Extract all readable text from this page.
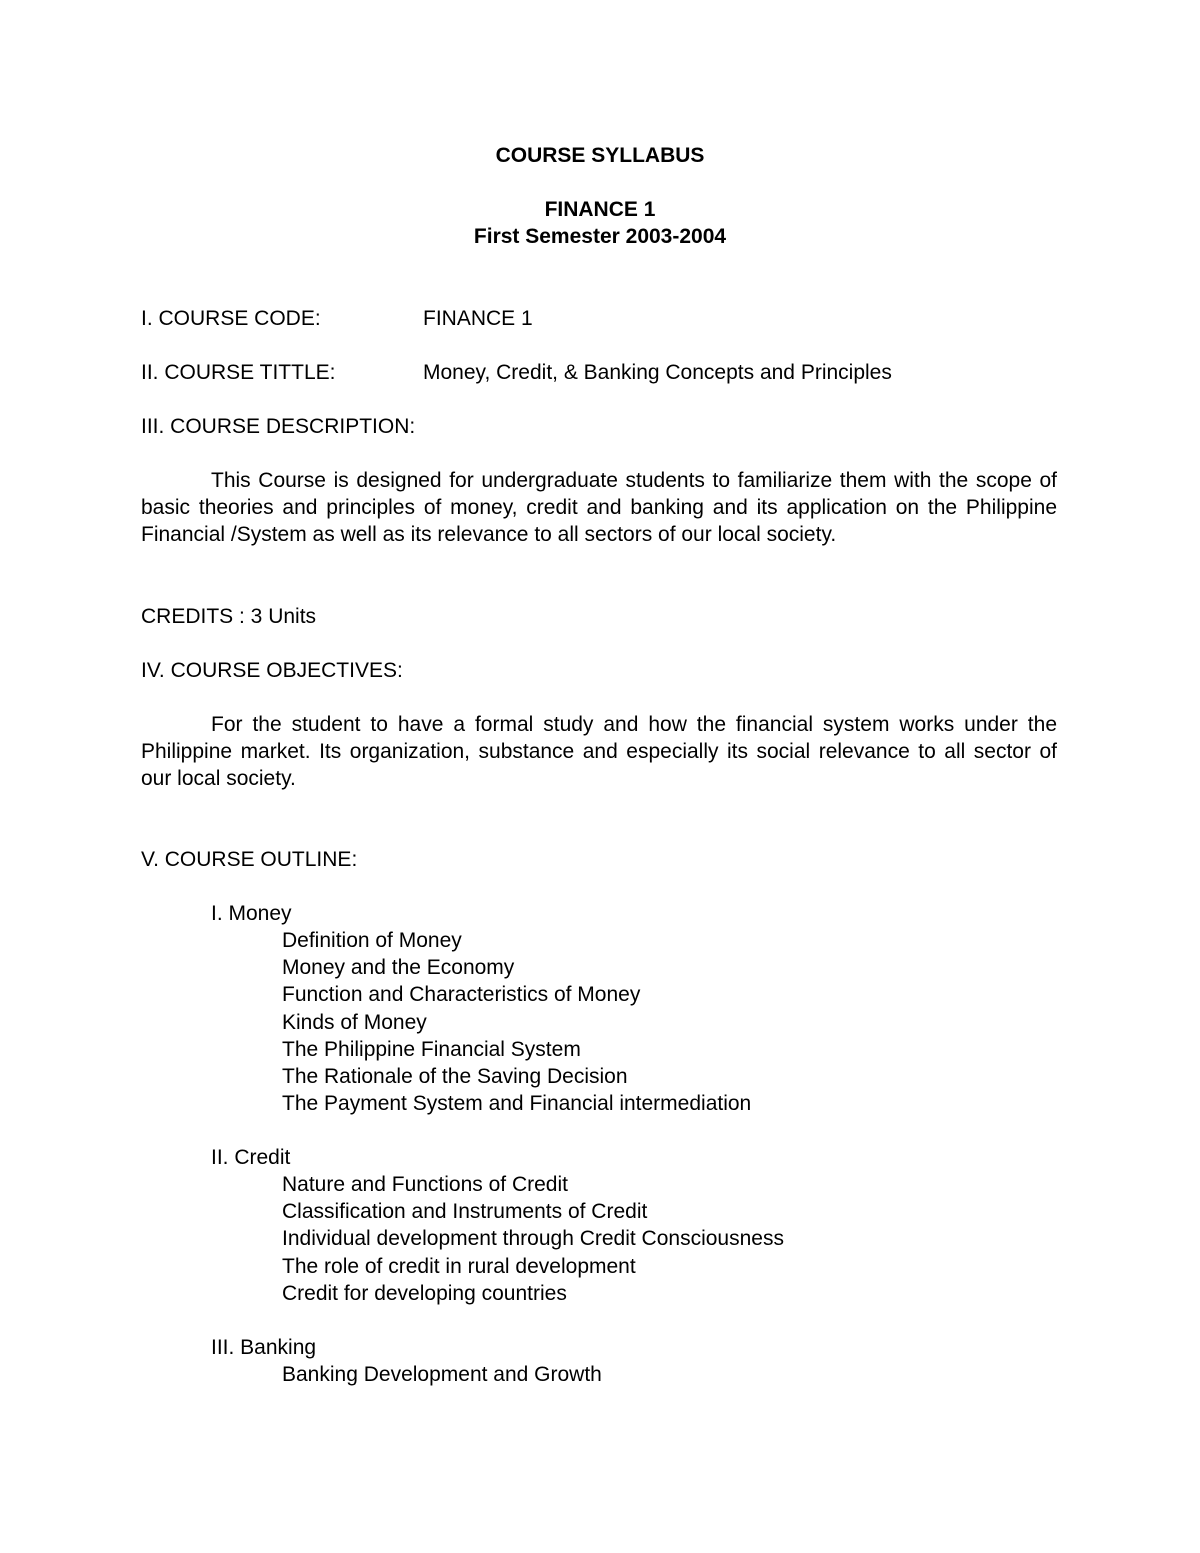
COURSE SYLLABUS
FINANCE 1
First Semester 2003-2004
I. COURSE CODE:	FINANCE 1
II. COURSE TITTLE:	Money, Credit, & Banking Concepts and Principles
III. COURSE DESCRIPTION:

This Course is designed for undergraduate students to familiarize them with the scope of basic theories and principles of money, credit and banking and its application on the Philippine Financial /System as well as its relevance to all sectors of our local society.

CREDITS : 3 Units
IV. COURSE OBJECTIVES:

For the student to have a formal study and how the financial system works under the Philippine market. Its organization, substance and especially its social relevance to all sector of our local society.

V. COURSE OUTLINE:
I. Money
Definition of Money
Money and the Economy
Function and Characteristics of Money
Kinds of Money
The Philippine Financial System
The Rationale of the Saving Decision
The Payment System and Financial intermediation
II. Credit
Nature and Functions of Credit
Classification and Instruments of Credit
Individual development through Credit Consciousness
The role of credit in rural development
Credit for developing countries
III. Banking
Banking Development and Growth
